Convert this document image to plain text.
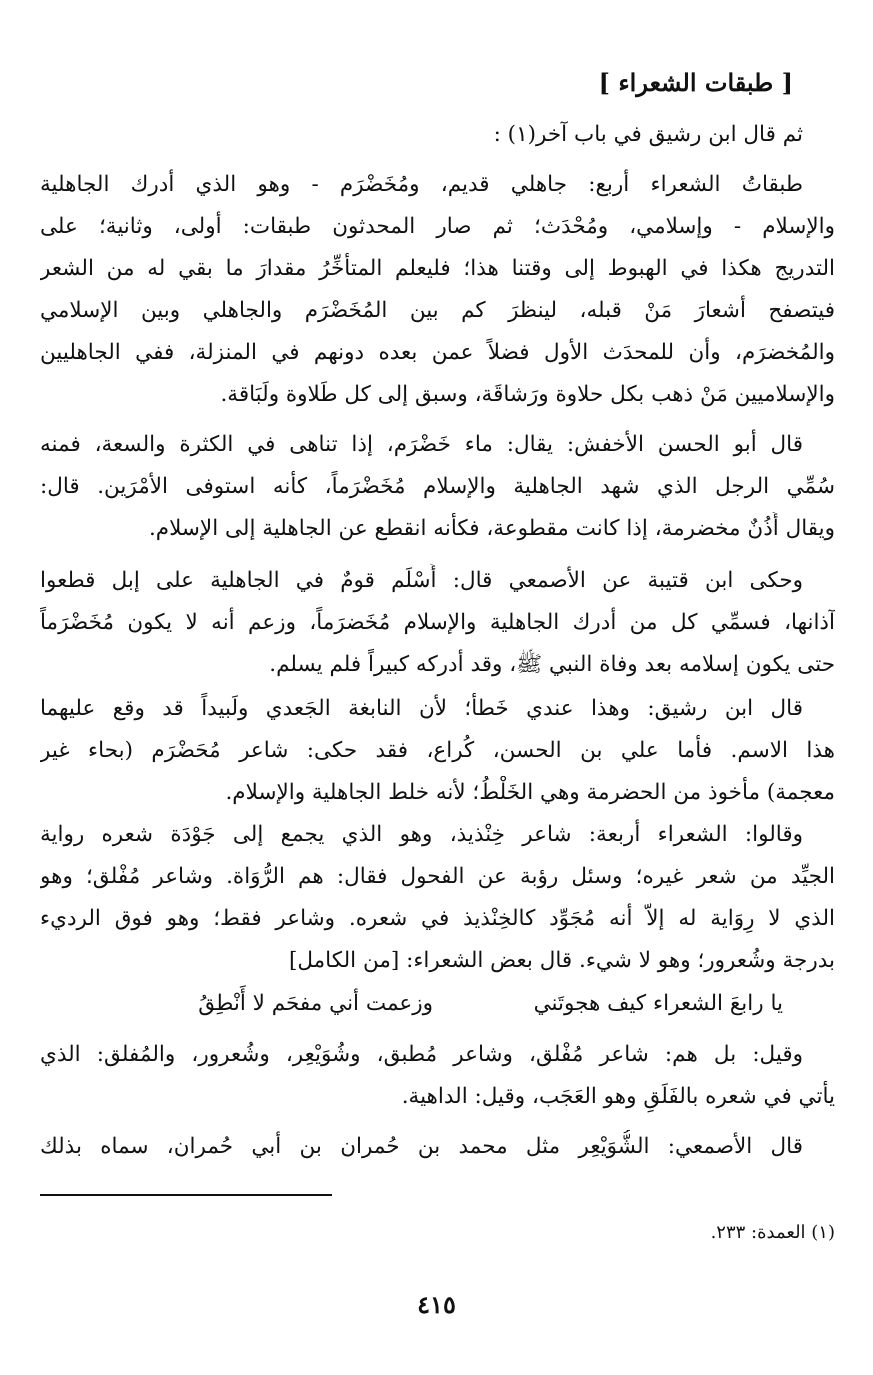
[ طبقات الشعراء ]
ثم قال ابن رشيق في باب آخر(١) :
طبقاتُ الشعراء أربع: جاهلي قديم، ومُخَضْرَم - وهو الذي أدرك الجاهلية
والإسلام - وإسلامي، ومُحْدَث؛ ثم صار المحدثون طبقات: أولى، وثانية؛ على
التدريج هكذا في الهبوط إلى وقتنا هذا؛ فليعلم المتأخِّرُ مقدارَ ما بقي له من الشعر
فيتصفح أشعارَ مَنْ قبله، لينظرَ كم بين المُخَضْرَم والجاهلي وبين الإسلامي
والمُخضرَم، وأن للمحدَث الأول فضلاً عمن بعده دونهم في المنزلة، ففي الجاهليين
والإسلاميين مَنْ ذهب بكل حلاوة ورَشاقَة، وسبق إلى كل طَلاوة ولَبَاقة.
قال أبو الحسن الأخفش: يقال: ماء خَضْرَم، إذا تناهى في الكثرة والسعة، فمنه
سُمِّي الرجل الذي شهد الجاهلية والإسلام مُخَضْرَماً، كأنه استوفى الأمْرَين. قال:
ويقال أُذُنٌ مخضرمة، إذا كانت مقطوعة، فكأنه انقطع عن الجاهلية إلى الإسلام.
وحكى ابن قتيبة عن الأصمعي قال: أَسْلَم قومٌ في الجاهلية على إبل قطعوا
آذانها، فسمِّي كل من أدرك الجاهلية والإسلام مُخَضرَماً، وزعم أنه لا يكون مُخَضْرَماً
حتى يكون إسلامه بعد وفاة النبي ﷺ، وقد أدركه كبيراً فلم يسلم.
قال ابن رشيق: وهذا عندي خَطأٌ؛ لأن النابغة الجَعدي ولَبيداً قد وقع عليهما
هذا الاسم. فأما علي بن الحسن، كُراع، فقد حكى: شاعر مُحَضْرَم (بحاء غير
معجمة) مأخوذ من الحضرمة وهي الخَلْطُ؛ لأنه خلط الجاهلية والإسلام.
وقالوا: الشعراء أربعة: شاعر خِنْذيذ، وهو الذي يجمع إلى جَوْدَة شعره رواية
الجيِّد من شعر غيره؛ وسئل رؤبة عن الفحول فقال: هم الرُّوَاة. وشاعر مُفْلق؛ وهو
الذي لا رِوَاية له إلاّ أنه مُجَوِّد كالخِنْذيذ في شعره. وشاعر فقط؛ وهو فوق الرديء
بدرجة وشُعرور؛ وهو لا شيء. قال بعض الشعراء: [من الكامل]
يا رابعَ الشعراء كيف هجوتَني
وزعمت أني مفحَم لا أَنْطِقُ
وقيل: بل هم: شاعر مُفْلق، وشاعر مُطبق، وشُوَيْعِر، وشُعرور، والمُفلق: الذي
يأتي في شعره بالفَلَقِ وهو العَجَب، وقيل: الداهية.
قال الأصمعي: الشُّوَيْعِر مثل محمد بن حُمران بن أبي حُمران، سماه بذلك
(١) العمدة: ٢٣٣.
٤١٥
